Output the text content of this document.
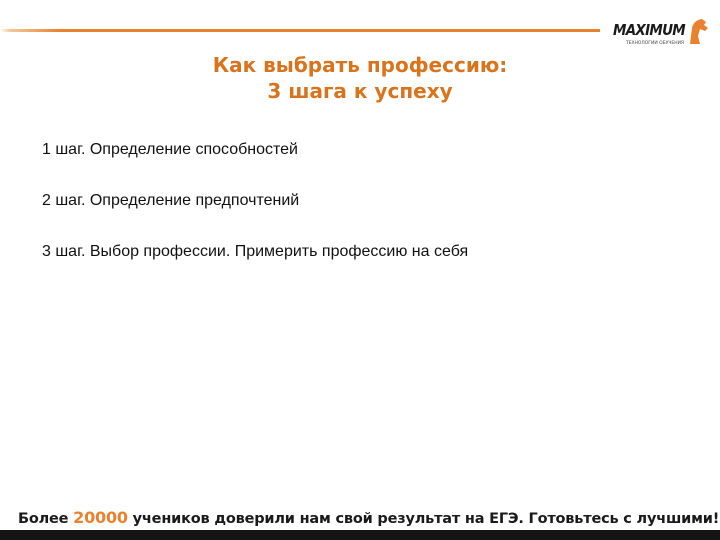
MAXIMUM
ТЕХНОЛОГИИ ОБУЧЕНИЯ
Как выбрать профессию:
3 шага к успеху
1 шаг. Определение способностей
2 шаг. Определение предпочтений
3 шаг. Выбор профессии. Примерить профессию на себя
Более 20000 учеников доверили нам свой результат на ЕГЭ. Готовьтесь с лучшими!
